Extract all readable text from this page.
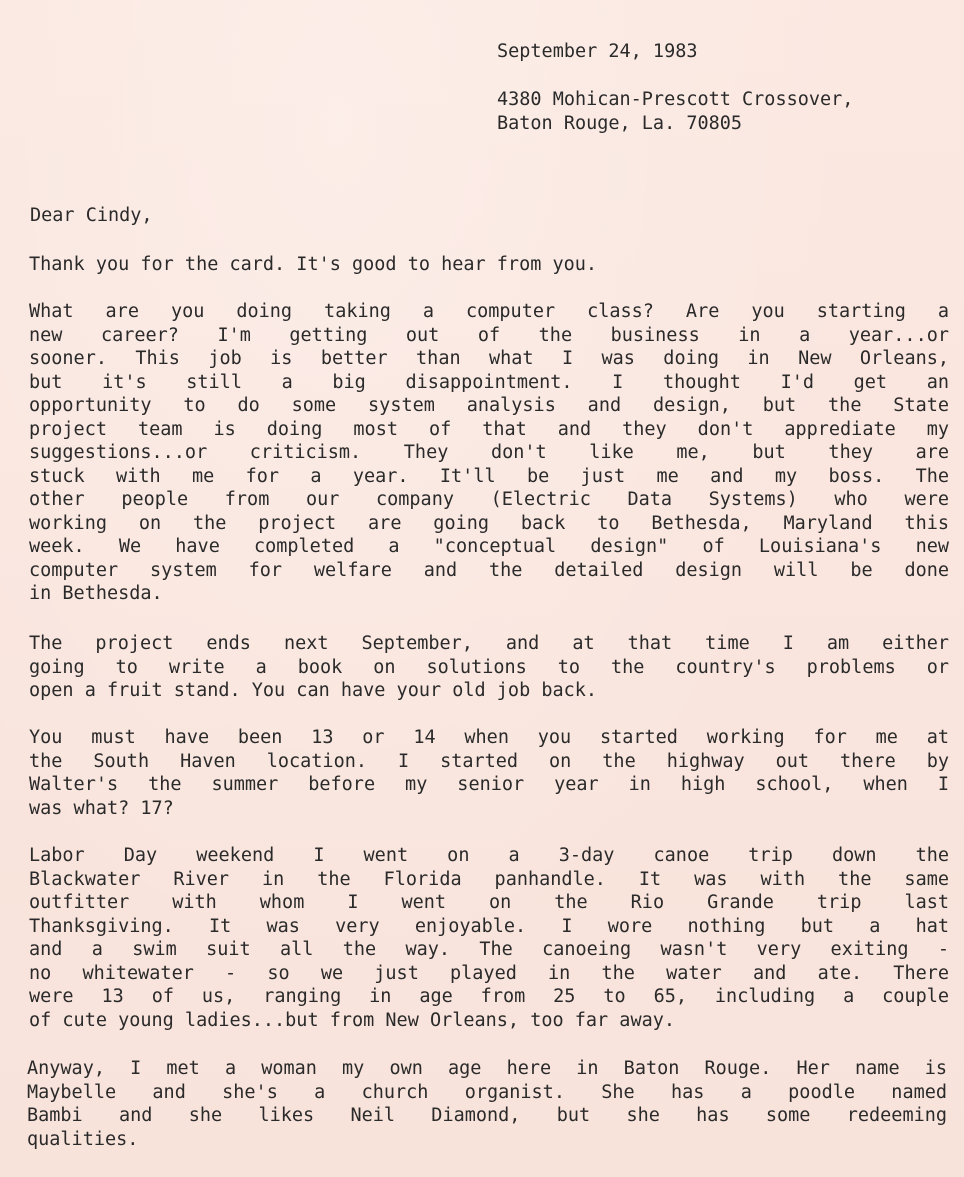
September 24, 1983
4380 Mohican-Prescott Crossover,
Baton Rouge, La. 70805
Dear Cindy,
Thank you for the card. It's good to hear from you.
What are you doing taking a computer class? Are you starting a
new career? I'm getting out of the business in a year...or
sooner. This job is better than what I was doing in New Orleans,
but it's still a big disappointment. I thought I'd get an
opportunity to do some system analysis and design, but the State
project team is doing most of that and they don't apprediate my
suggestions...or criticism. They don't like me, but they are
stuck with me for a year. It'll be just me and my boss. The
other people from our company (Electric Data Systems) who were
working on the project are going back to Bethesda, Maryland this
week. We have completed a "conceptual design" of Louisiana's new
computer system for welfare and the detailed design will be done
in Bethesda.
The project ends next September, and at that time I am either
going to write a book on solutions to the country's problems or
open a fruit stand. You can have your old job back.
You must have been 13 or 14 when you started working for me at
the South Haven location. I started on the highway out there by
Walter's the summer before my senior year in high school, when I
was what? 17?
Labor Day weekend I went on a 3-day canoe trip down the
Blackwater River in the Florida panhandle. It was with the same
outfitter with whom I went on the Rio Grande trip last
Thanksgiving. It was very enjoyable. I wore nothing but a hat
and a swim suit all the way. The canoeing wasn't very exiting -
no whitewater - so we just played in the water and ate. There
were 13 of us, ranging in age from 25 to 65, including a couple
of cute young ladies...but from New Orleans, too far away.
Anyway, I met a woman my own age here in Baton Rouge. Her name is
Maybelle and she's a church organist. She has a poodle named
Bambi and she likes Neil Diamond, but she has some redeeming
qualities.
